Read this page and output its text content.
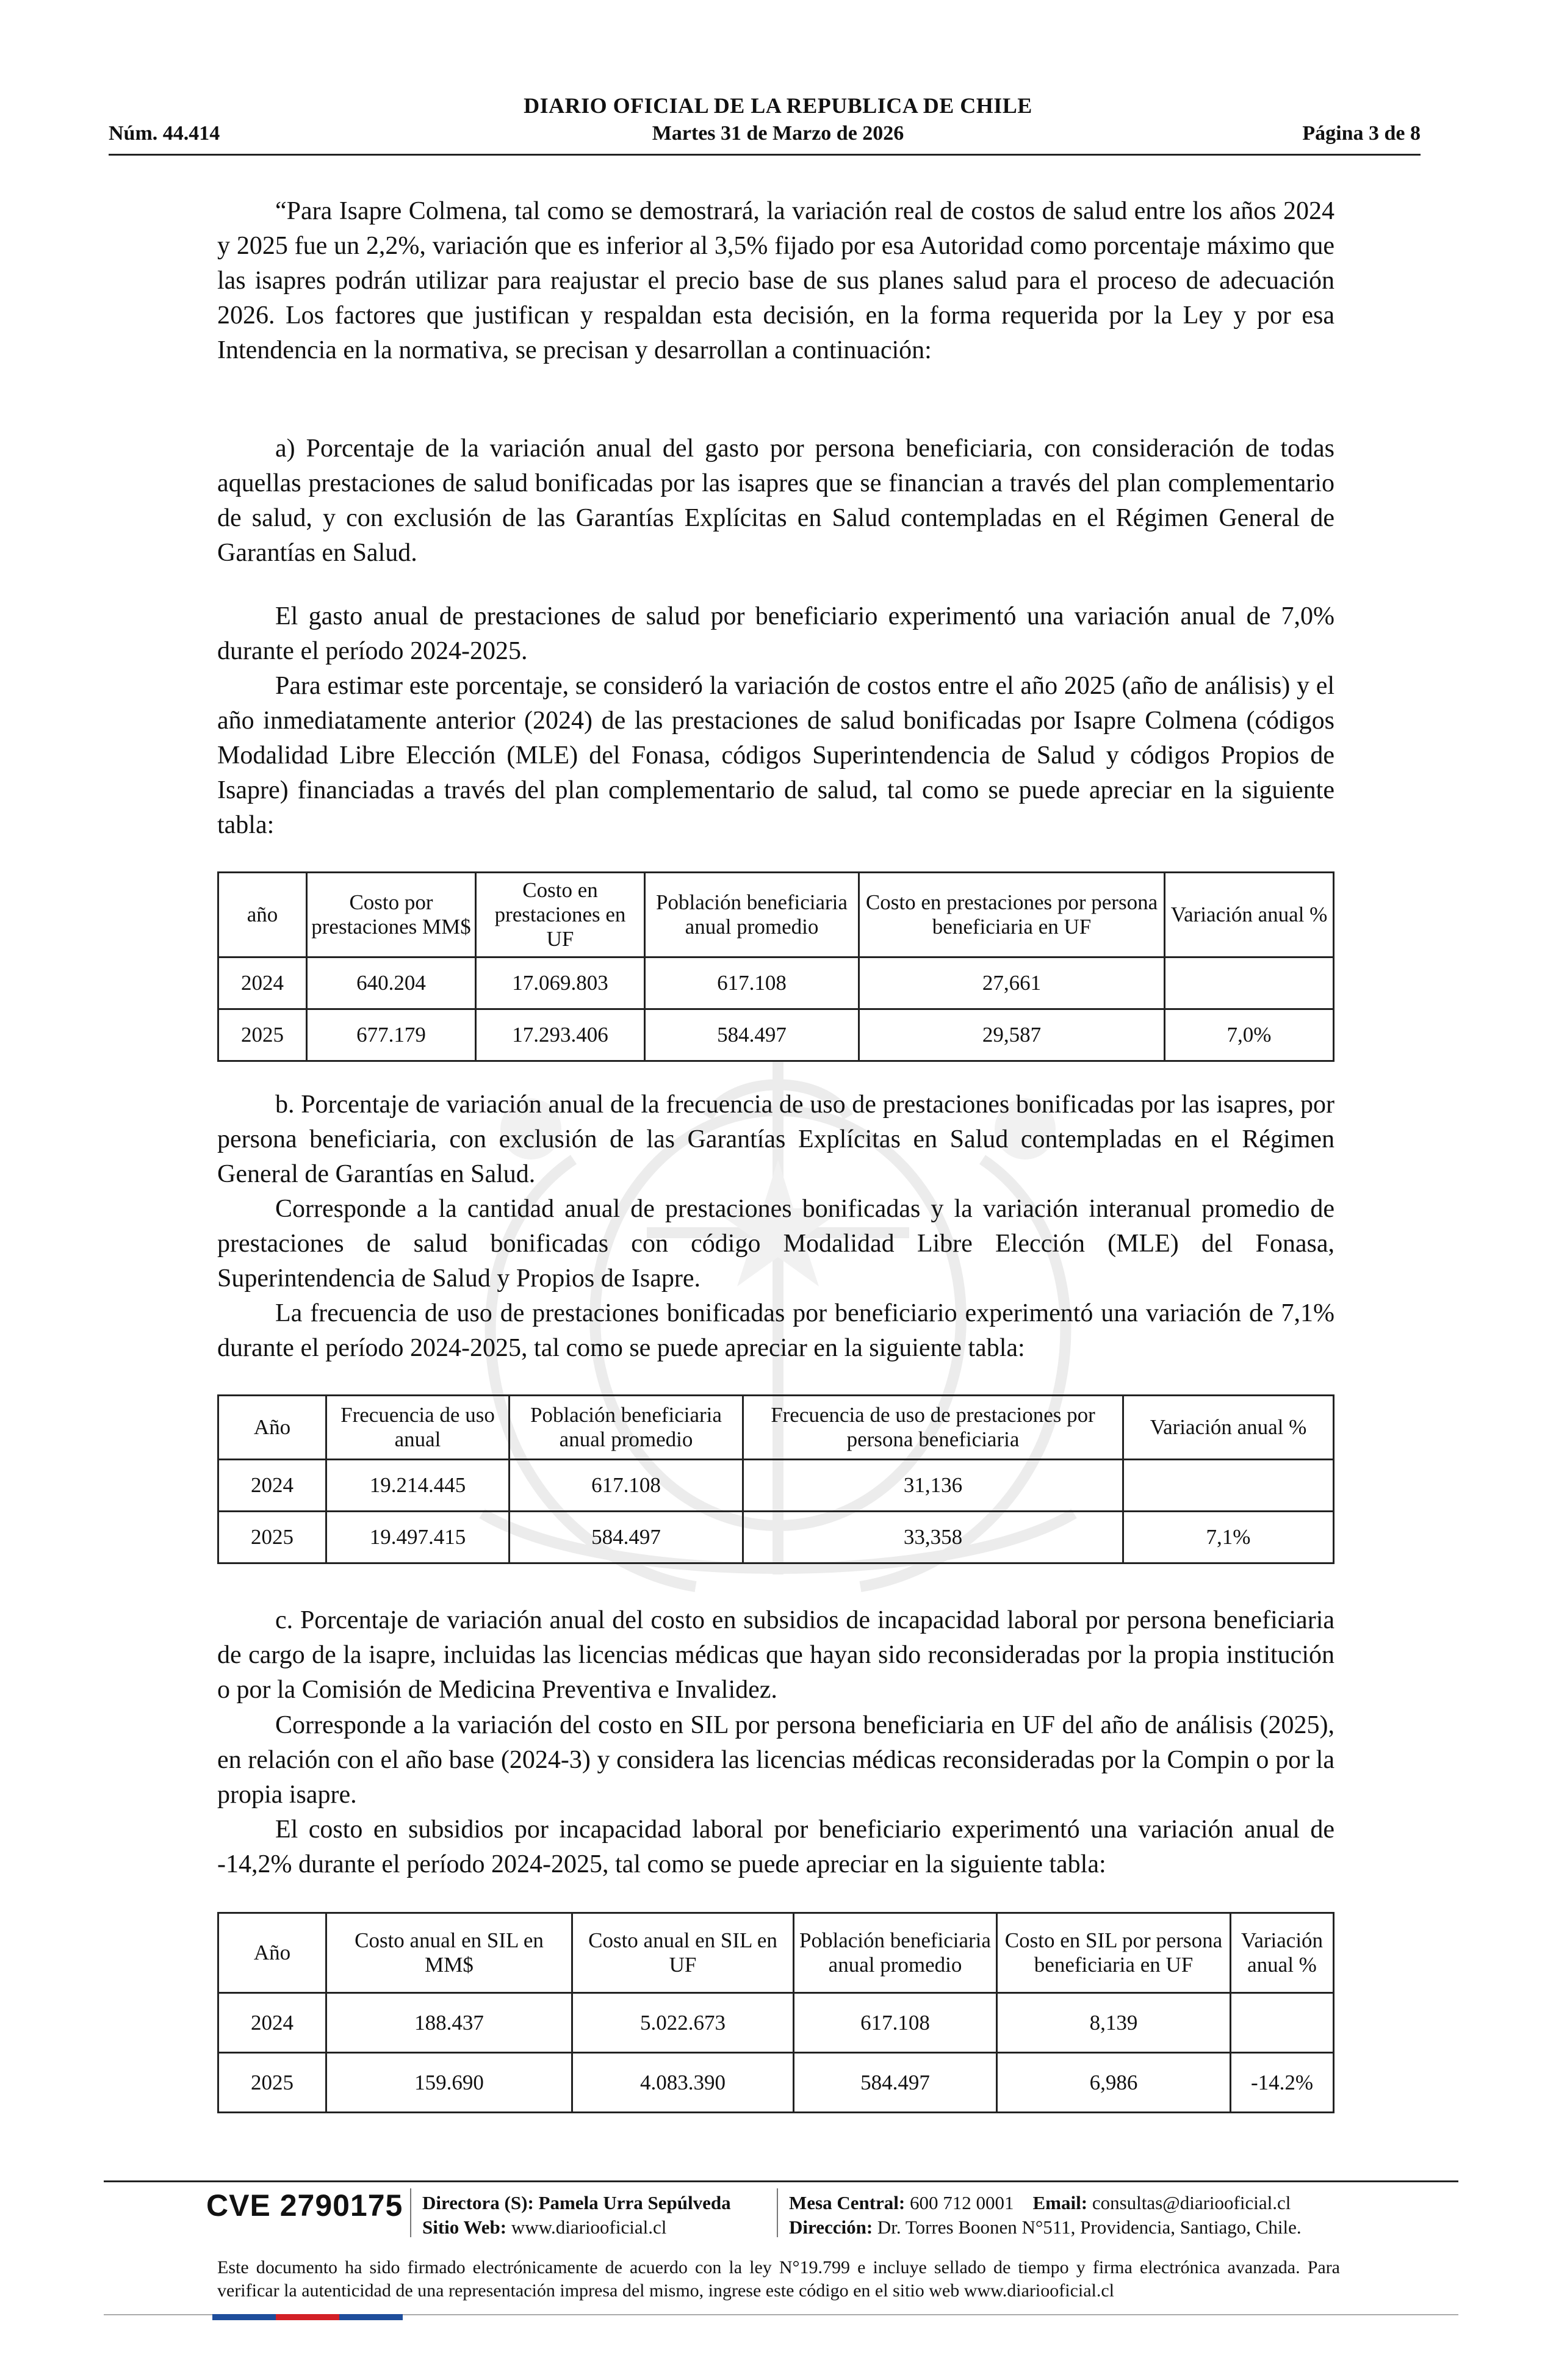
DIARIO OFICIAL DE LA REPUBLICA DE CHILE
Núm. 44.414	Martes 31 de Marzo de 2026	Página 3 de 8
“Para Isapre Colmena, tal como se demostrará, la variación real de costos de salud entre los años 2024 y 2025 fue un 2,2%, variación que es inferior al 3,5% fijado por esa Autoridad como porcentaje máximo que las isapres podrán utilizar para reajustar el precio base de sus planes salud para el proceso de adecuación 2026. Los factores que justifican y respaldan esta decisión, en la forma requerida por la Ley y por esa Intendencia en la normativa, se precisan y desarrollan a continuación:
a) Porcentaje de la variación anual del gasto por persona beneficiaria, con consideración de todas aquellas prestaciones de salud bonificadas por las isapres que se financian a través del plan complementario de salud, y con exclusión de las Garantías Explícitas en Salud contempladas en el Régimen General de Garantías en Salud.
El gasto anual de prestaciones de salud por beneficiario experimentó una variación anual de 7,0% durante el período 2024-2025.
Para estimar este porcentaje, se consideró la variación de costos entre el año 2025 (año de análisis) y el año inmediatamente anterior (2024) de las prestaciones de salud bonificadas por Isapre Colmena (códigos Modalidad Libre Elección (MLE) del Fonasa, códigos Superintendencia de Salud y códigos Propios de Isapre) financiadas a través del plan complementario de salud, tal como se puede apreciar en la siguiente tabla:
año	Costo por prestaciones MM$	Costo en prestaciones en UF	Población beneficiaria anual promedio	Costo en prestaciones por persona beneficiaria en UF	Variación anual %
2024	640.204	17.069.803	617.108	27,661	
2025	677.179	17.293.406	584.497	29,587	7,0%
b. Porcentaje de variación anual de la frecuencia de uso de prestaciones bonificadas por las isapres, por persona beneficiaria, con exclusión de las Garantías Explícitas en Salud contempladas en el Régimen General de Garantías en Salud.
Corresponde a la cantidad anual de prestaciones bonificadas y la variación interanual promedio de prestaciones de salud bonificadas con código Modalidad Libre Elección (MLE) del Fonasa, Superintendencia de Salud y Propios de Isapre.
La frecuencia de uso de prestaciones bonificadas por beneficiario experimentó una variación de 7,1% durante el período 2024-2025, tal como se puede apreciar en la siguiente tabla:
Año	Frecuencia de uso anual	Población beneficiaria anual promedio	Frecuencia de uso de prestaciones por persona beneficiaria	Variación anual %
2024	19.214.445	617.108	31,136	
2025	19.497.415	584.497	33,358	7,1%
c. Porcentaje de variación anual del costo en subsidios de incapacidad laboral por persona beneficiaria de cargo de la isapre, incluidas las licencias médicas que hayan sido reconsideradas por la propia institución o por la Comisión de Medicina Preventiva e Invalidez.
Corresponde a la variación del costo en SIL por persona beneficiaria en UF del año de análisis (2025), en relación con el año base (2024-3) y considera las licencias médicas reconsideradas por la Compin o por la propia isapre.
El costo en subsidios por incapacidad laboral por beneficiario experimentó una variación anual de -14,2% durante el período 2024-2025, tal como se puede apreciar en la siguiente tabla:
Año	Costo anual en SIL en MM$	Costo anual en SIL en UF	Población beneficiaria anual promedio	Costo en SIL por persona beneficiaria en UF	Variación anual %
2024	188.437	5.022.673	617.108	8,139	
2025	159.690	4.083.390	584.497	6,986	-14.2%
CVE 2790175 Directora (S): Pamela Urra Sepúlveda
Sitio Web: www.diariooficial.cl
Mesa Central: 600 712 0001 Email: consultas@diariooficial.cl
Dirección: Dr. Torres Boonen N°511, Providencia, Santiago, Chile.
Este documento ha sido firmado electrónicamente de acuerdo con la ley N°19.799 e incluye sellado de tiempo y firma electrónica avanzada. Para verificar la autenticidad de una representación impresa del mismo, ingrese este código en el sitio web www.diariooficial.cl
